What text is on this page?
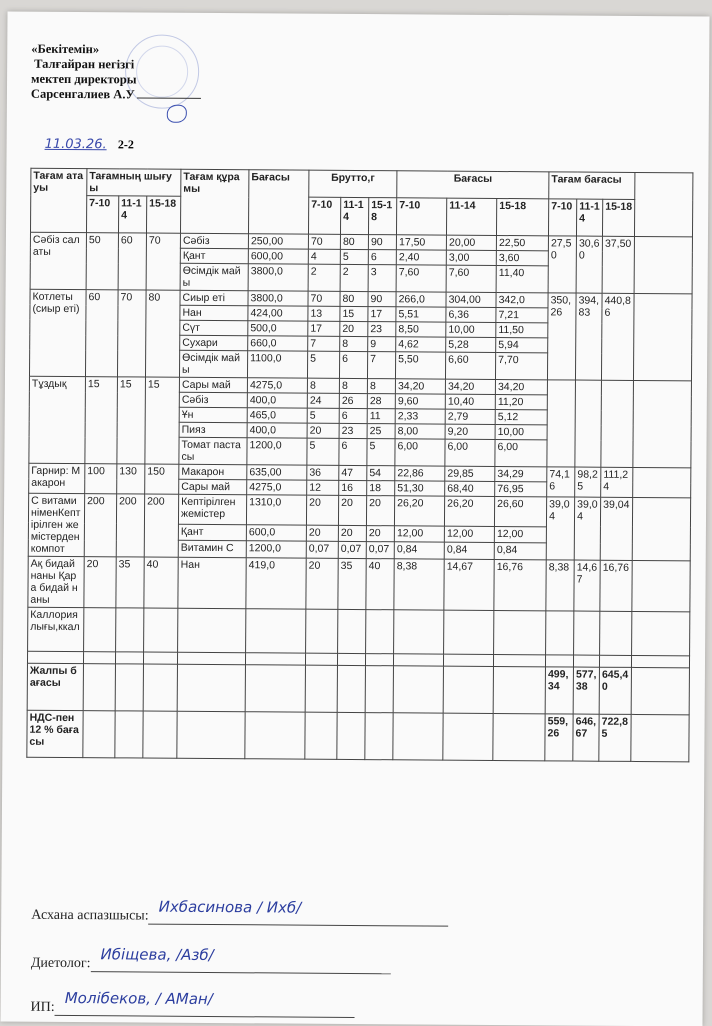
«Бекітемін»
Талғайран негізгі
мектеп директоры
Сарсенгалиев А.У
11.03.26. 2-2
Тағам атауы	Тағамның шығуы			Тағам құрамы	Бағасы	Брутто,г			Бағасы			Тағам бағасы			
	7-10	11-14	15-18			7-10	11-14	15-18	7-10	11-14	15-18	7-10	11-14	15-18	
Сәбіз салаты	50	60	70	Сәбіз	250,00	70	80	90	17,50	20,00	22,50	27,50	30,60	37,50	
				Қант	600,00	4	5	6	2,40	3,00	3,60				
				Өсімдік майы	3800,0	2	2	3	7,60	7,60	11,40				
Котлеты (сиыр еті)	60	70	80	Сиыр еті	3800,0	70	80	90	266,0	304,00	342,0	350,26	394,83	440,86	
				Нан	424,00	13	15	17	5,51	6,36	7,21				
				Сүт	500,0	17	20	23	8,50	10,00	11,50				
				Сухари	660,0	7	8	9	4,62	5,28	5,94				
				Өсімдік майы	1100,0	5	6	7	5,50	6,60	7,70				
Тұздық	15	15	15	Сары май	4275,0	8	8	8	34,20	34,20	34,20				
				Сәбіз	400,0	24	26	28	9,60	10,40	11,20				
				Ұн	465,0	5	6	11	2,33	2,79	5,12				
				Пияз	400,0	20	23	25	8,00	9,20	10,00				
				Томат пастасы	1200,0	5	6	5	6,00	6,00	6,00				
Гарнир: Макарон	100	130	150	Макарон	635,00	36	47	54	22,86	29,85	34,29	74,16	98,25	111,24	
				Сары май	4275,0	12	16	18	51,30	68,40	76,95				
С витаминіменКептірілген жемістерден компот	200	200	200	Кептірілген жемістер	1310,0	20	20	20	26,20	26,20	26,60	39,04	39,04	39,04	
				Қант	600,0	20	20	20	12,00	12,00	12,00				
				Витамин С	1200,0	0,07	0,07	0,07	0,84	0,84	0,84				
Ақ бидай наны Қара бидай наны	20	35	40	Нан	419,0	20	35	40	8,38	14,67	16,76	8,38	14,67	16,76	
Каллориялығы,ккал															

Жалпы бағасы												499,34	577,38	645,40	
НДС-пен 12 % бағасы												559,26	646,67	722,85	
Асхана аспазшысы: Ихбасинова / Ихб/
Диетолог: Ибіщева, /Азб/
ИП: Молібеков, / АМан/
